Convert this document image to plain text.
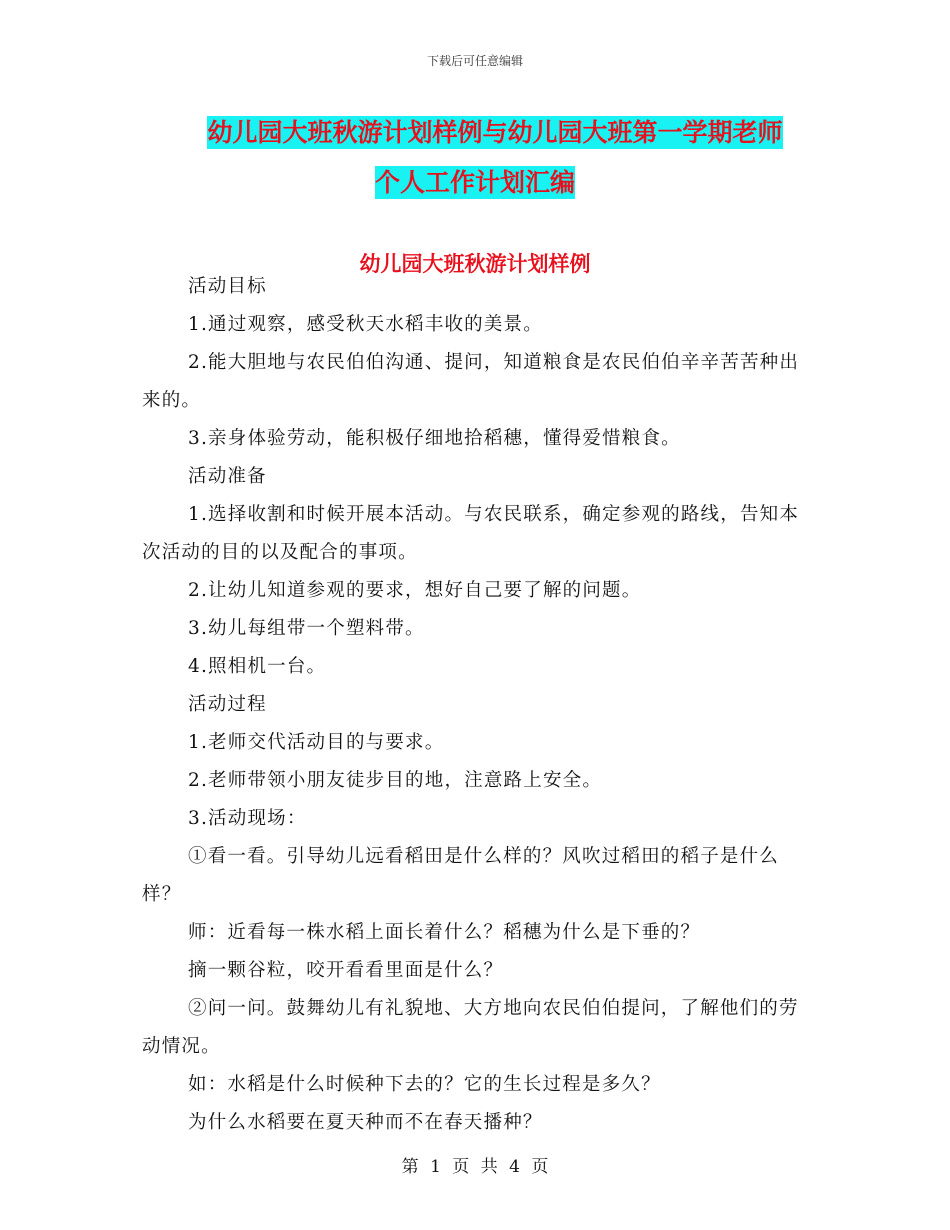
下载后可任意编辑
幼儿园大班秋游计划样例与幼儿园大班第一学期老师
个人工作计划汇编
幼儿园大班秋游计划样例

活动目标

1.通过观察，感受秋天水稻丰收的美景。

2.能大胆地与农民伯伯沟通、提问，知道粮食是农民伯伯辛辛苦苦种出来的。

3.亲身体验劳动，能积极仔细地拾稻穗，懂得爱惜粮食。

活动准备

1.选择收割和时候开展本活动。与农民联系，确定参观的路线，告知本次活动的目的以及配合的事项。

2.让幼儿知道参观的要求，想好自己要了解的问题。

3.幼儿每组带一个塑料带。

4.照相机一台。

活动过程

1.老师交代活动目的与要求。

2.老师带领小朋友徒步目的地，注意路上安全。

3.活动现场：

①看一看。引导幼儿远看稻田是什么样的？风吹过稻田的稻子是什么样？

师：近看每一株水稻上面长着什么？稻穗为什么是下垂的？

摘一颗谷粒，咬开看看里面是什么？

②问一问。鼓舞幼儿有礼貌地、大方地向农民伯伯提问，了解他们的劳动情况。

如：水稻是什么时候种下去的？它的生长过程是多久？

为什么水稻要在夏天种而不在春天播种？

第 1 页 共 4 页
